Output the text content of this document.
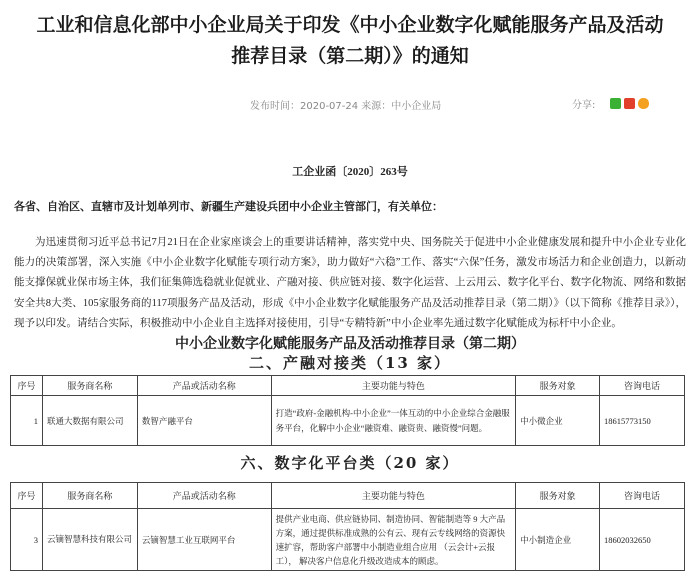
工业和信息化部中小企业局关于印发《中小企业数字化赋能服务产品及活动
推荐目录（第二期）》的通知
发布时间：2020-07-24 来源：中小企业局	分享:
工企业函〔2020〕263号
各省、自治区、直辖市及计划单列市、新疆生产建设兵团中小企业主管部门，有关单位：
为迅速贯彻习近平总书记7月21日在企业家座谈会上的重要讲话精神，落实党中央、国务院关于促进中小企业健康发展和提升中小企业专业化能力的决策部署，深入实施《中小企业数字化赋能专项行动方案》，助力做好“六稳”工作、落实“六保”任务，激发市场活力和企业创造力，以新动能支撑保就业保市场主体，我们征集筛选稳就业促就业、产融对接、供应链对接、数字化运营、上云用云、数字化平台、数字化物流、网络和数据安全共8大类、105家服务商的117项服务产品及活动，形成《中小企业数字化赋能服务产品及活动推荐目录（第二期）》（以下简称《推荐目录》），现予以印发。请结合实际，积极推动中小企业自主选择对接使用，引导“专精特新”中小企业率先通过数字化赋能成为标杆中小企业。
中小企业数字化赋能服务产品及活动推荐目录（第二期）
二、产融对接类（13 家）
序号	服务商名称	产品或活动名称	主要功能与特色	服务对象	咨询电话
1	联通大数据有限公司	数智产融平台	打造“政府-金融机构-中小企业”一体互动的中小企业综合金融服务平台，化解中小企业“融资难、融资贵、融资慢”问题。	中小微企业	18615773150
六、数字化平台类（20 家）
序号	服务商名称	产品或活动名称	主要功能与特色	服务对象	咨询电话
3	云镝智慧科技有限公司	云镝智慧工业互联网平台	提供产业电商、供应链协同、制造协同、智能制造等 9 大产品方案，通过提供标准成熟的公有云、现有云专线网络的资源快速扩容，帮助客户部署中小制造业组合应用 （云会计+云报工）， 解决客户信息化升级改造成本的顾虑。	中小制造企业	18602032650
